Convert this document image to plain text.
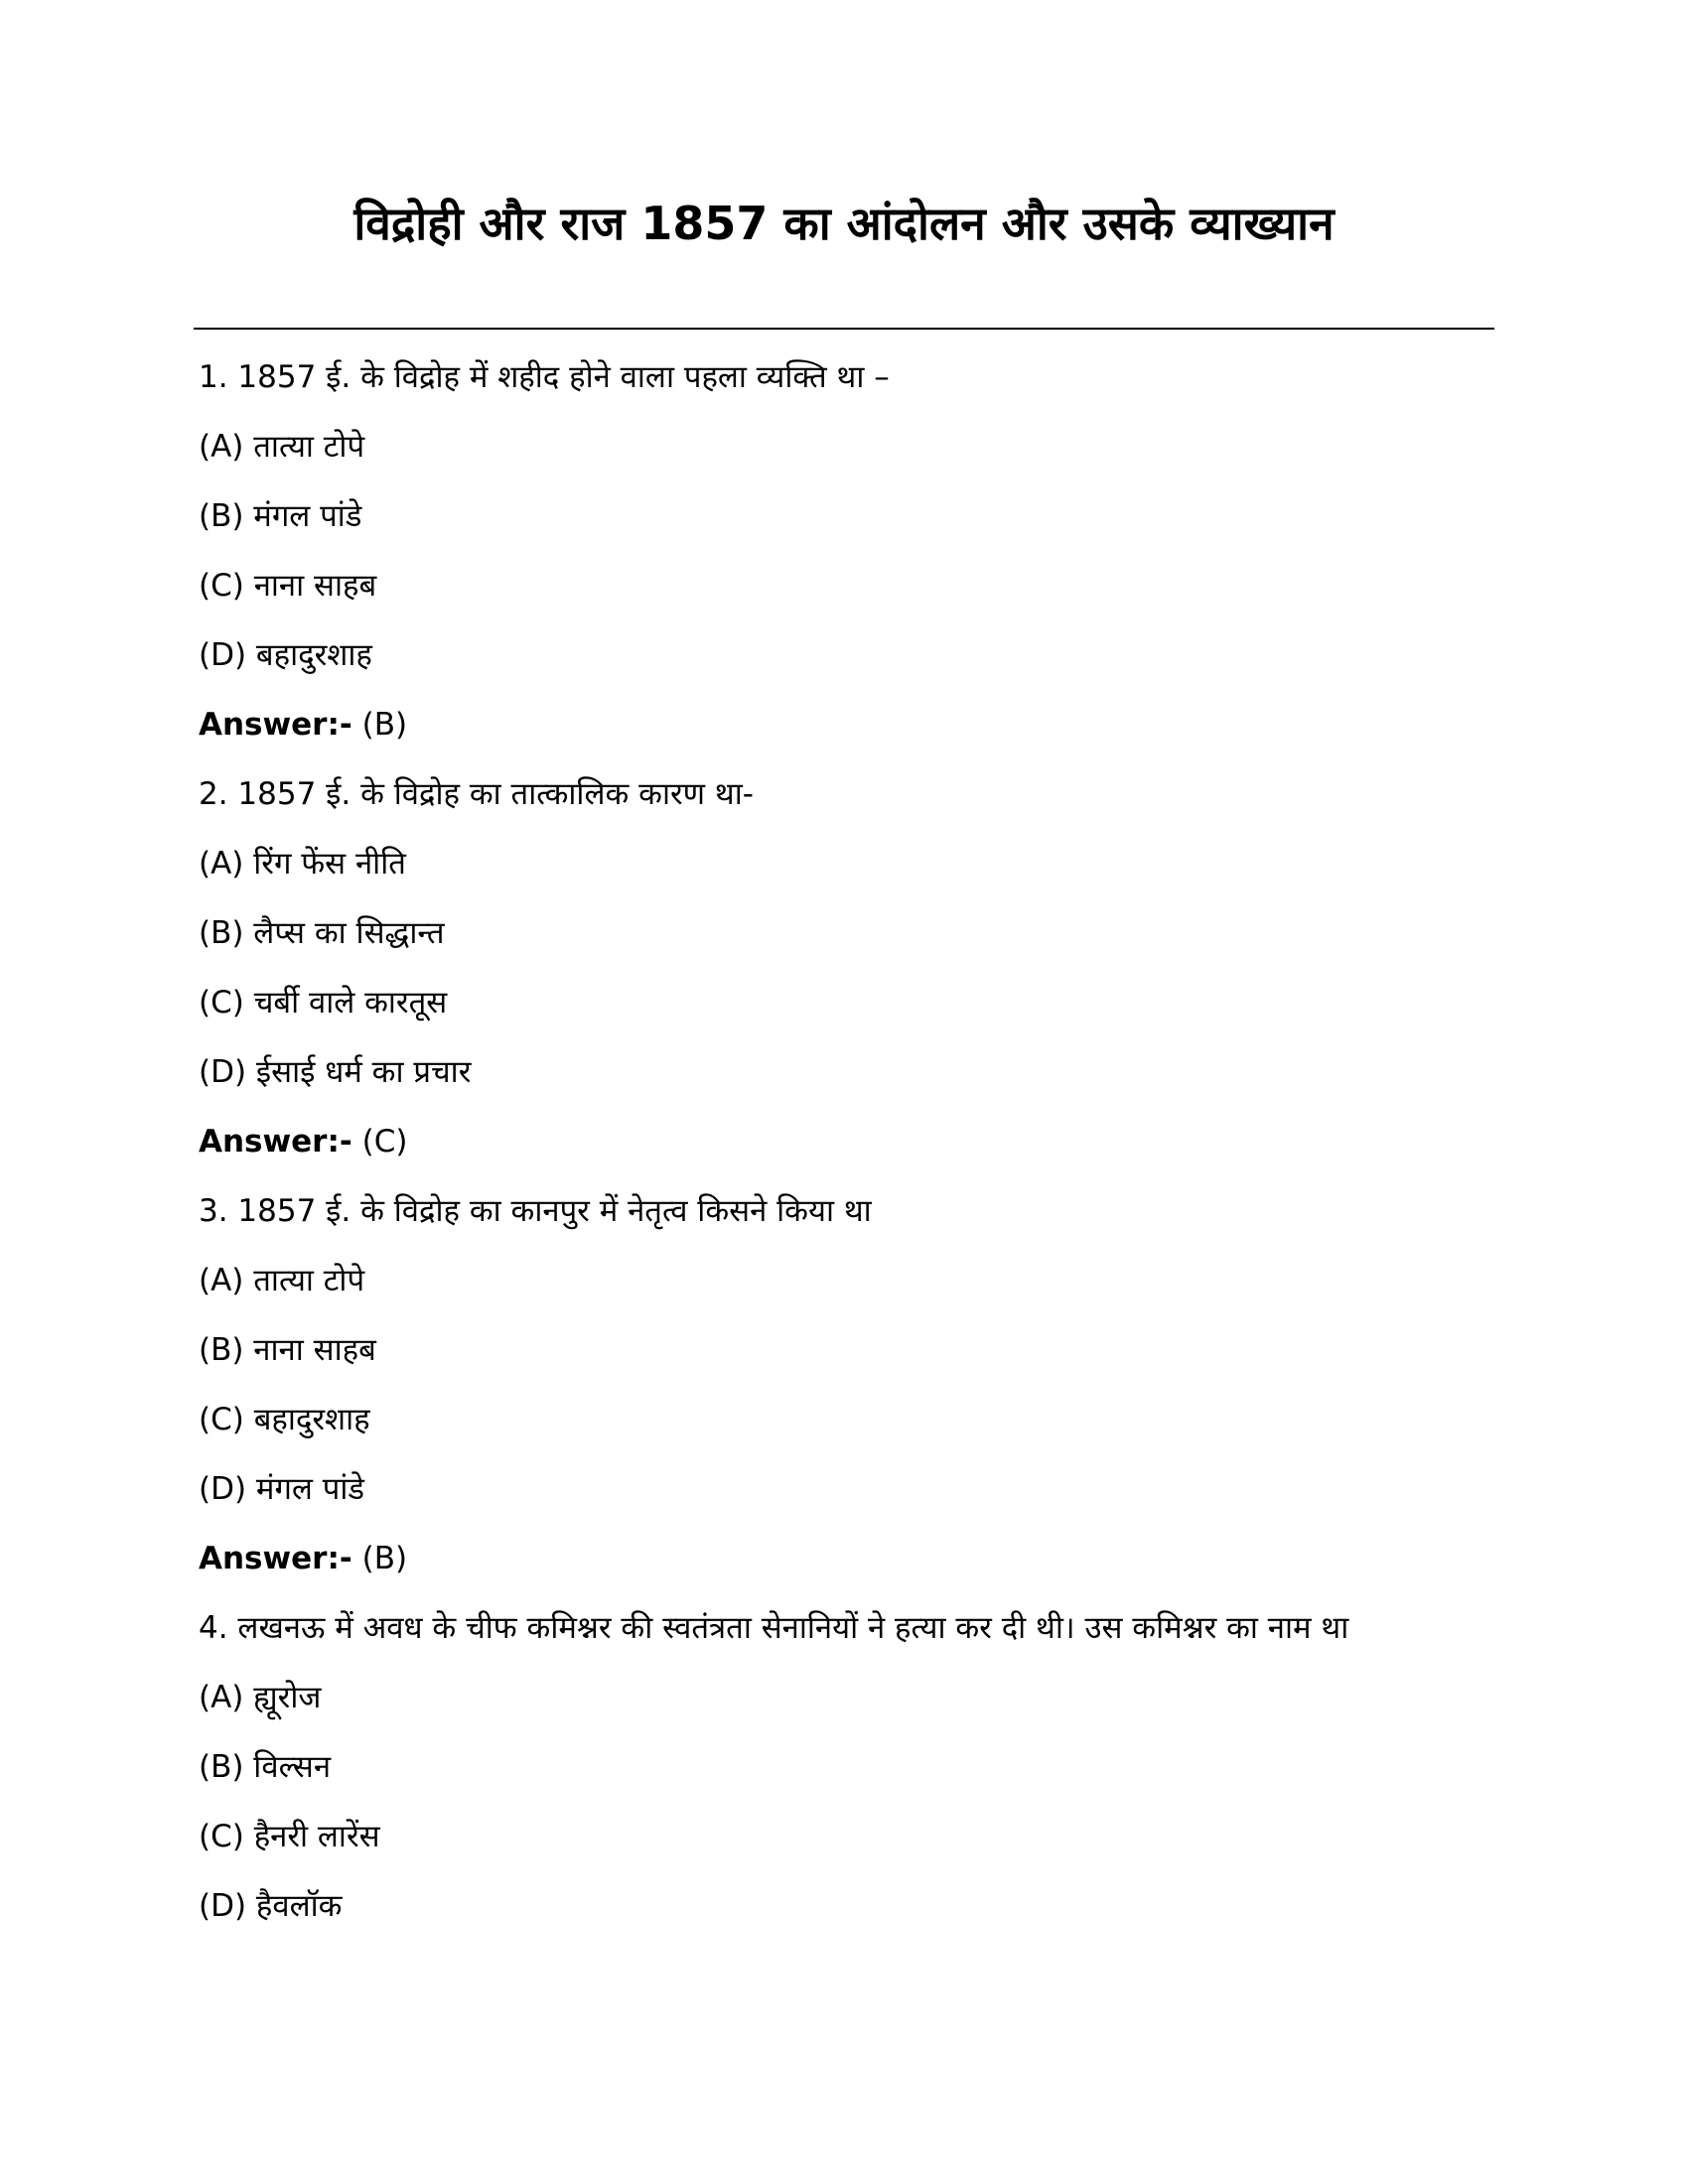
विद्रोही और राज 1857 का आंदोलन और उसके व्याख्यान
1. 1857 ई. के विद्रोह में शहीद होने वाला पहला व्यक्ति था –
(A) तात्या टोपे
(B) मंगल पांडे
(C) नाना साहब
(D) बहादुरशाह
Answer:- (B)
2. 1857 ई. के विद्रोह का तात्कालिक कारण था-
(A) रिंग फेंस नीति
(B) लैप्स का सिद्धान्त
(C) चर्बी वाले कारतूस
(D) ईसाई धर्म का प्रचार
Answer:- (C)
3. 1857 ई. के विद्रोह का कानपुर में नेतृत्व किसने किया था
(A) तात्या टोपे
(B) नाना साहब
(C) बहादुरशाह
(D) मंगल पांडे
Answer:- (B)
4. लखनऊ में अवध के चीफ कमिश्नर की स्वतंत्रता सेनानियों ने हत्या कर दी थी। उस कमिश्नर का नाम था
(A) ह्यूरोज
(B) विल्सन
(C) हैनरी लारेंस
(D) हैवलॉक
